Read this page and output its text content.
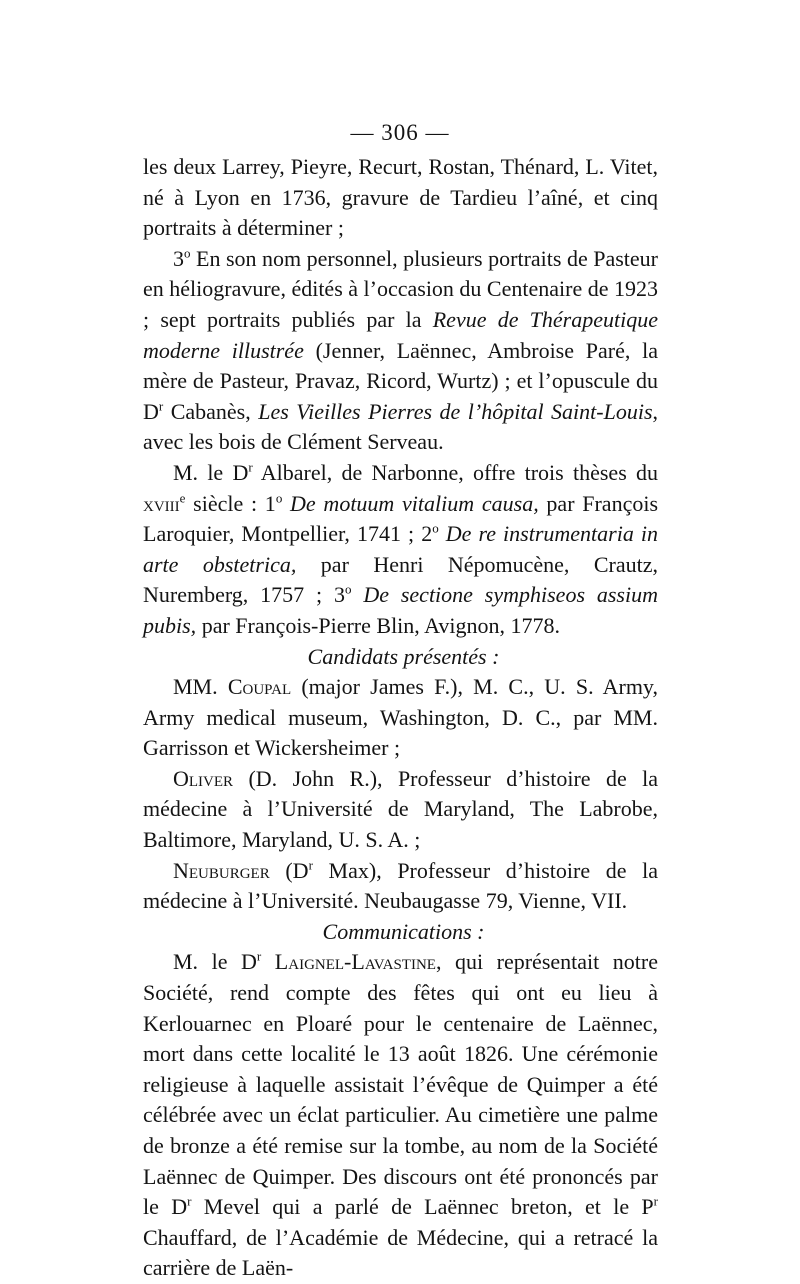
— 306 —

les deux Larrey, Pieyre, Recurt, Rostan, Thénard, L. Vitet, né à Lyon en 1736, gravure de Tardieu l’aîné, et cinq portraits à déterminer ;

3$^o$ En son nom personnel, plusieurs portraits de Pasteur en héliogravure, édités à l’occasion du Centenaire de 1923 ; sept portraits publiés par la Revue de Thérapeutique moderne illustrée (Jenner, Laënnec, Ambroise Paré, la mère de Pasteur, Pravaz, Ricord, Wurtz) ; et l’opuscule du $D^r$ Cabanès, Les Vieilles Pierres de l’hôpital Saint-Louis, avec les bois de Clément Serveau.

M. le $D^r$ Albarel, de Narbonne, offre trois thèses du xviii$^e$ siècle : 1$^o$ De motuum vitalium causa, par François Laroquier, Montpellier, 1741 ; 2$^o$ De re instrumentaria in arte obstetrica, par Henri Népomucène, Crautz, Nuremberg, 1757 ; 3$^o$ De sectione symphiseos assium pubis, par François-Pierre Blin, Avignon, 1778.

Candidats présentés :

MM. Coupal (major James F.), M. C., U. S. Army, Army medical museum, Washington, D. C., par MM. Garrisson et Wickersheimer ;

Oliver (D. John R.), Professeur d’histoire de la médecine à l’Université de Maryland, The Labrobe, Baltimore, Maryland, U. S. A. ;

Neuburger ($D^r$ Max), Professeur d’histoire de la médecine à l’Université. Neubaugasse 79, Vienne, VII.

Communications :

M. le $D^r$ Laignel-Lavastine, qui représentait notre Société, rend compte des fêtes qui ont eu lieu à Kerlouarnec en Ploaré pour le centenaire de Laënnec, mort dans cette localité le 13 août 1826. Une cérémonie religieuse à laquelle assistait l’évêque de Quimper a été célébrée avec un éclat particulier. Au cimetière une palme de bronze a été remise sur la tombe, au nom de la Société Laënnec de Quimper. Des discours ont été prononcés par le $D^r$ Mevel qui a parlé de Laënnec breton, et le $P^r$ Chauffard, de l’Académie de Médecine, qui a retracé la carrière de Laën-
